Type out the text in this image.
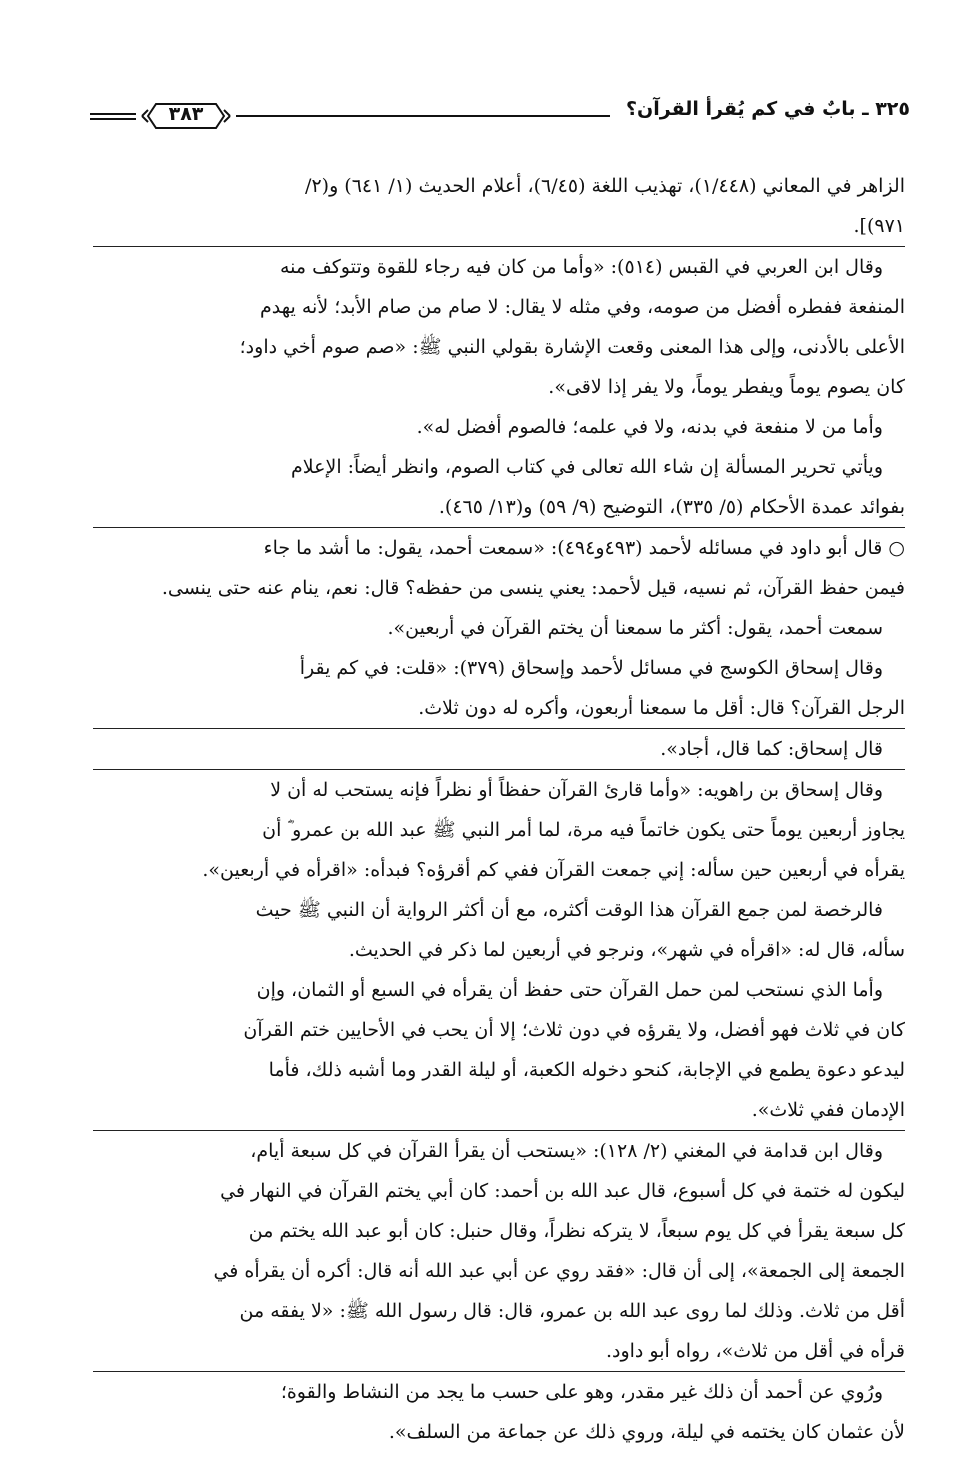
٣٨٣	٣٢٥ ـ بابٌ في كم يُقرأ القرآن؟
الزاهر في المعاني (١/٤٤٨)، تهذيب اللغة (٦/٤٥)، أعلام الحديث (١/ ٦٤١) و(٢/
٩٧١)].
وقال ابن العربي في القبس (٥١٤): «وأما من كان فيه رجاء للقوة وتتوكف منه
المنفعة ففطره أفضل من صومه، وفي مثله لا يقال: لا صام من صام الأبد؛ لأنه يهدم
الأعلى بالأدنى، وإلى هذا المعنى وقعت الإشارة بقولي النبي ﷺ: «صم صوم أخي داود؛
كان يصوم يوماً ويفطر يوماً، ولا يفر إذا لاقى».
وأما من لا منفعة في بدنه، ولا في علمه؛ فالصوم أفضل له».
ويأتي تحرير المسألة إن شاء الله تعالى في كتاب الصوم، وانظر أيضاً: الإعلام
بفوائد عمدة الأحكام (٥/ ٣٣٥)، التوضيح (٩/ ٥٩) و(١٣/ ٤٦٥).
○ قال أبو داود في مسائله لأحمد (٤٩٣و٤٩٤): «سمعت أحمد، يقول: ما أشد ما جاء
فيمن حفظ القرآن، ثم نسيه، قيل لأحمد: يعني ينسى من حفظه؟ قال: نعم، ينام عنه حتى ينسى.
سمعت أحمد، يقول: أكثر ما سمعنا أن يختم القرآن في أربعين».
وقال إسحاق الكوسج في مسائل لأحمد وإسحاق (٣٧٩): «قلت: في كم يقرأ
الرجل القرآن؟ قال: أقل ما سمعنا أربعون، وأكره له دون ثلاث.
قال إسحاق: كما قال، أجاد».
وقال إسحاق بن راهويه: «وأما قارئ القرآن حفظاً أو نظراً فإنه يستحب له أن لا
يجاوز أربعين يوماً حتى يكون خاتماً فيه مرة، لما أمر النبي ﷺ عبد الله بن عمرو ؓ أن
يقرأه في أربعين حين سأله: إني جمعت القرآن ففي كم أقرؤه؟ فبدأه: «اقرأه في أربعين».
فالرخصة لمن جمع القرآن هذا الوقت أكثره، مع أن أكثر الرواية أن النبي ﷺ حيث
سأله، قال له: «اقرأه في شهر»، ونرجو في أربعين لما ذكر في الحديث.
وأما الذي نستحب لمن حمل القرآن حتى حفظ أن يقرأه في السبع أو الثمان، وإن
كان في ثلاث فهو أفضل، ولا يقرؤه في دون ثلاث؛ إلا أن يحب في الأحايين ختم القرآن
ليدعو دعوة يطمع في الإجابة، كنحو دخوله الكعبة، أو ليلة القدر وما أشبه ذلك، فأما
الإدمان ففي ثلاث».
وقال ابن قدامة في المغني (٢/ ١٢٨): «يستحب أن يقرأ القرآن في كل سبعة أيام،
ليكون له ختمة في كل أسبوع، قال عبد الله بن أحمد: كان أبي يختم القرآن في النهار في
كل سبعة يقرأ في كل يوم سبعاً، لا يتركه نظراً، وقال حنبل: كان أبو عبد الله يختم من
الجمعة إلى الجمعة»، إلى أن قال: «فقد روي عن أبي عبد الله أنه قال: أكره أن يقرأه في
أقل من ثلاث. وذلك لما روى عبد الله بن عمرو، قال: قال رسول الله ﷺ: «لا يفقه من
قرأه في أقل من ثلاث»، رواه أبو داود.
ورُوي عن أحمد أن ذلك غير مقدر، وهو على حسب ما يجد من النشاط والقوة؛
لأن عثمان كان يختمه في ليلة، وروي ذلك عن جماعة من السلف».
